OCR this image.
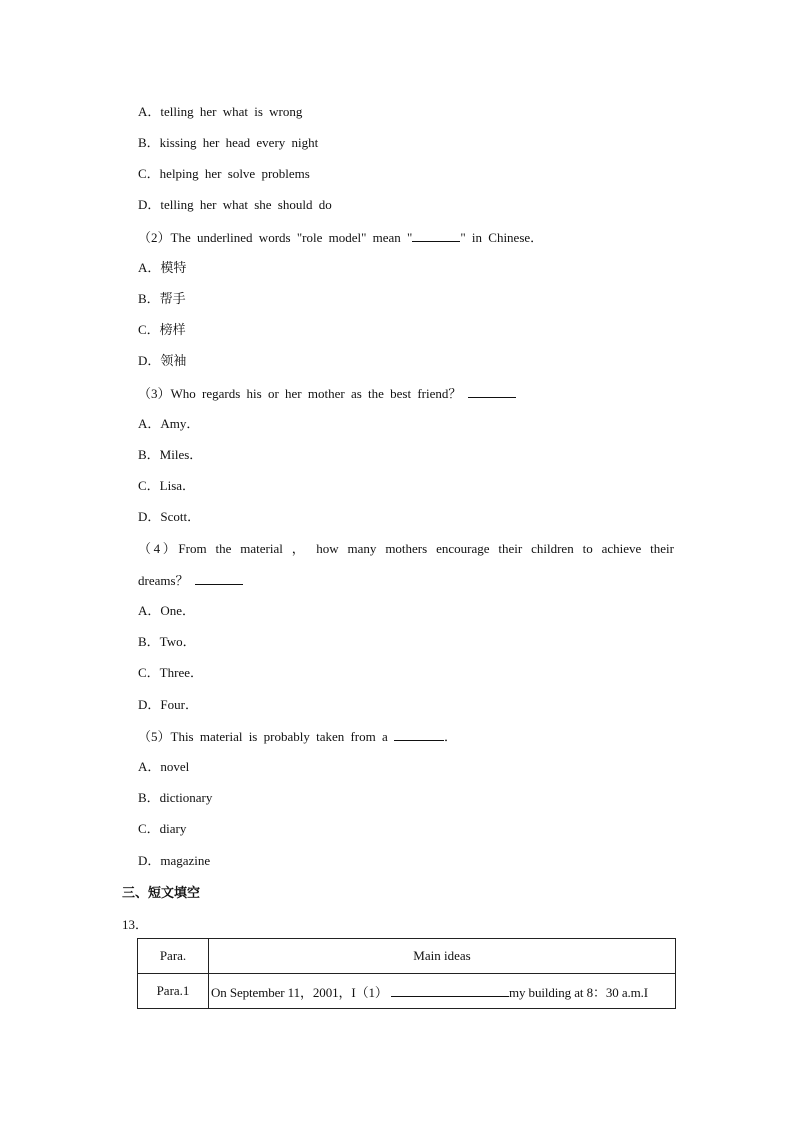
A．telling her what is wrong
B．kissing her head every night
C．helping her solve problems
D．telling her what she should do
（2）The underlined words "role model" mean "	" in Chinese．
A．模特
B．帮手
C．榜样
D．领袖
（3）Who regards his or her mother as the best friend？
A．Amy．
B．Miles．
C．Lisa．
D．Scott．
（4）From the material ， how many mothers encourage their children to achieve their
dreams？
A．One．
B．Two．
C．Three．
D．Four．
（5）This material is probably taken from a	．
A．novel
B．dictionary
C．diary
D．magazine
三、短文填空
13．
Para.	Main ideas
Para.1	On September 11，2001，I（1） my building at 8：30 a.m.I
